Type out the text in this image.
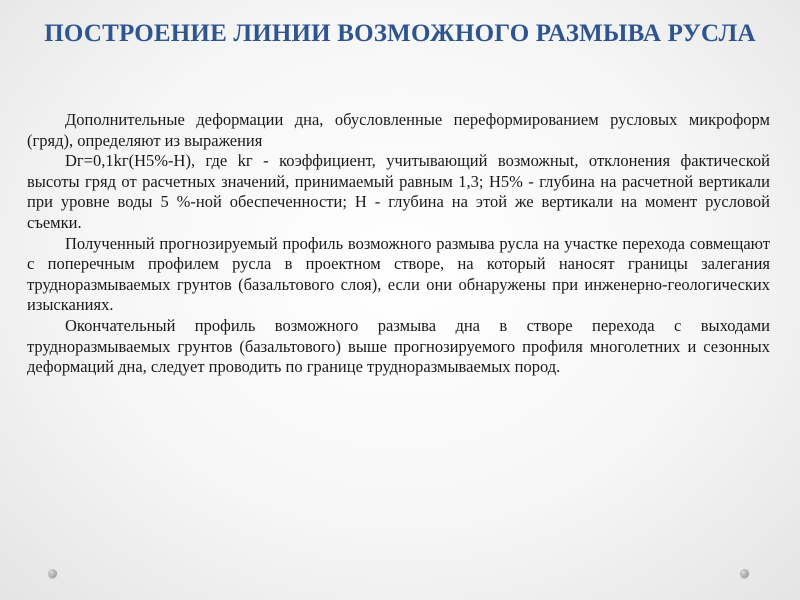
ПОСТРОЕНИЕ ЛИНИИ ВОЗМОЖНОГО РАЗМЫВА РУСЛА

Дополнительные деформации дна, обусловленные переформированием русловых микроформ (гряд), определяют из выражения

Dг=0,1kг(H5%-H), где kг - коэффициент, учитывающий возможныt, отклонения фактической высоты гряд от расчетных значений, принимаемый равным 1,3; Н5% - глубина на расчетной вертикали при уровне воды 5 %-ной обеспеченности; Н - глубина на этой же вертикали на момент русловой съемки.

Полученный прогнозируемый профиль возможного размыва русла на участке перехода совмещают с поперечным профилем русла в проектном створе, на который наносят границы залегания трудноразмываемых грунтов (базальтового слоя), если они обнаружены при инженерно-геологических изысканиях.

Окончательный профиль возможного размыва дна в створе перехода с выходами трудноразмываемых грунтов (базальтового) выше прогнозируемого профиля многолетних и сезонных деформаций дна, следует проводить по границе трудноразмываемых пород.
